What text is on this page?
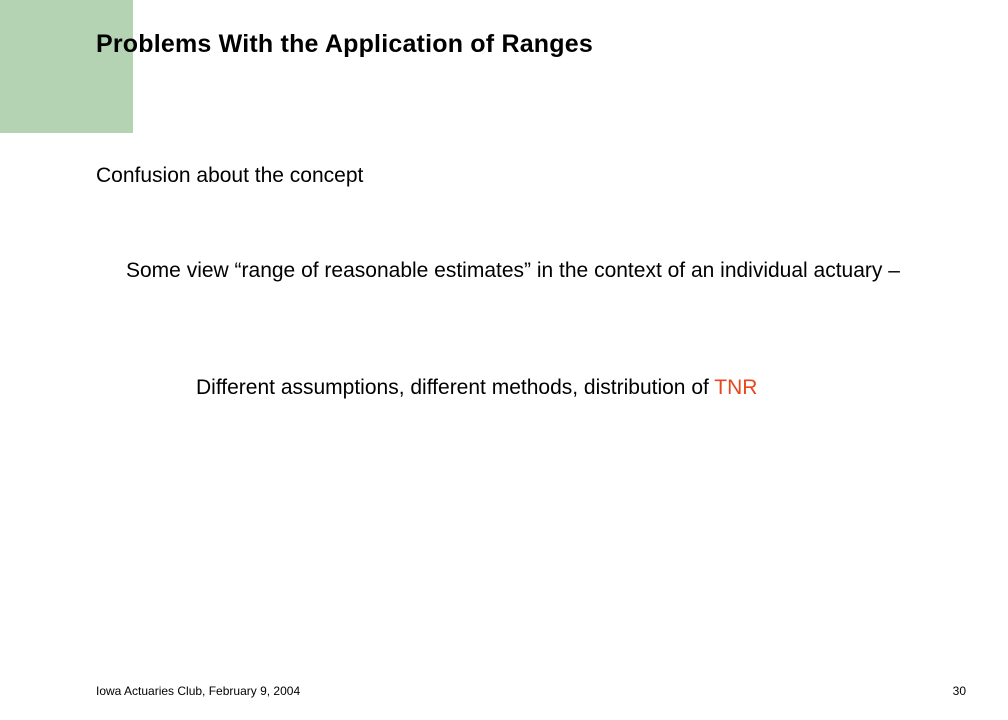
Problems With the Application of Ranges
Confusion about the concept
Some view “range of reasonable estimates” in the context of an individual actuary –
Different assumptions, different methods, distribution of TNR
Iowa Actuaries Club, February 9, 2004	30
